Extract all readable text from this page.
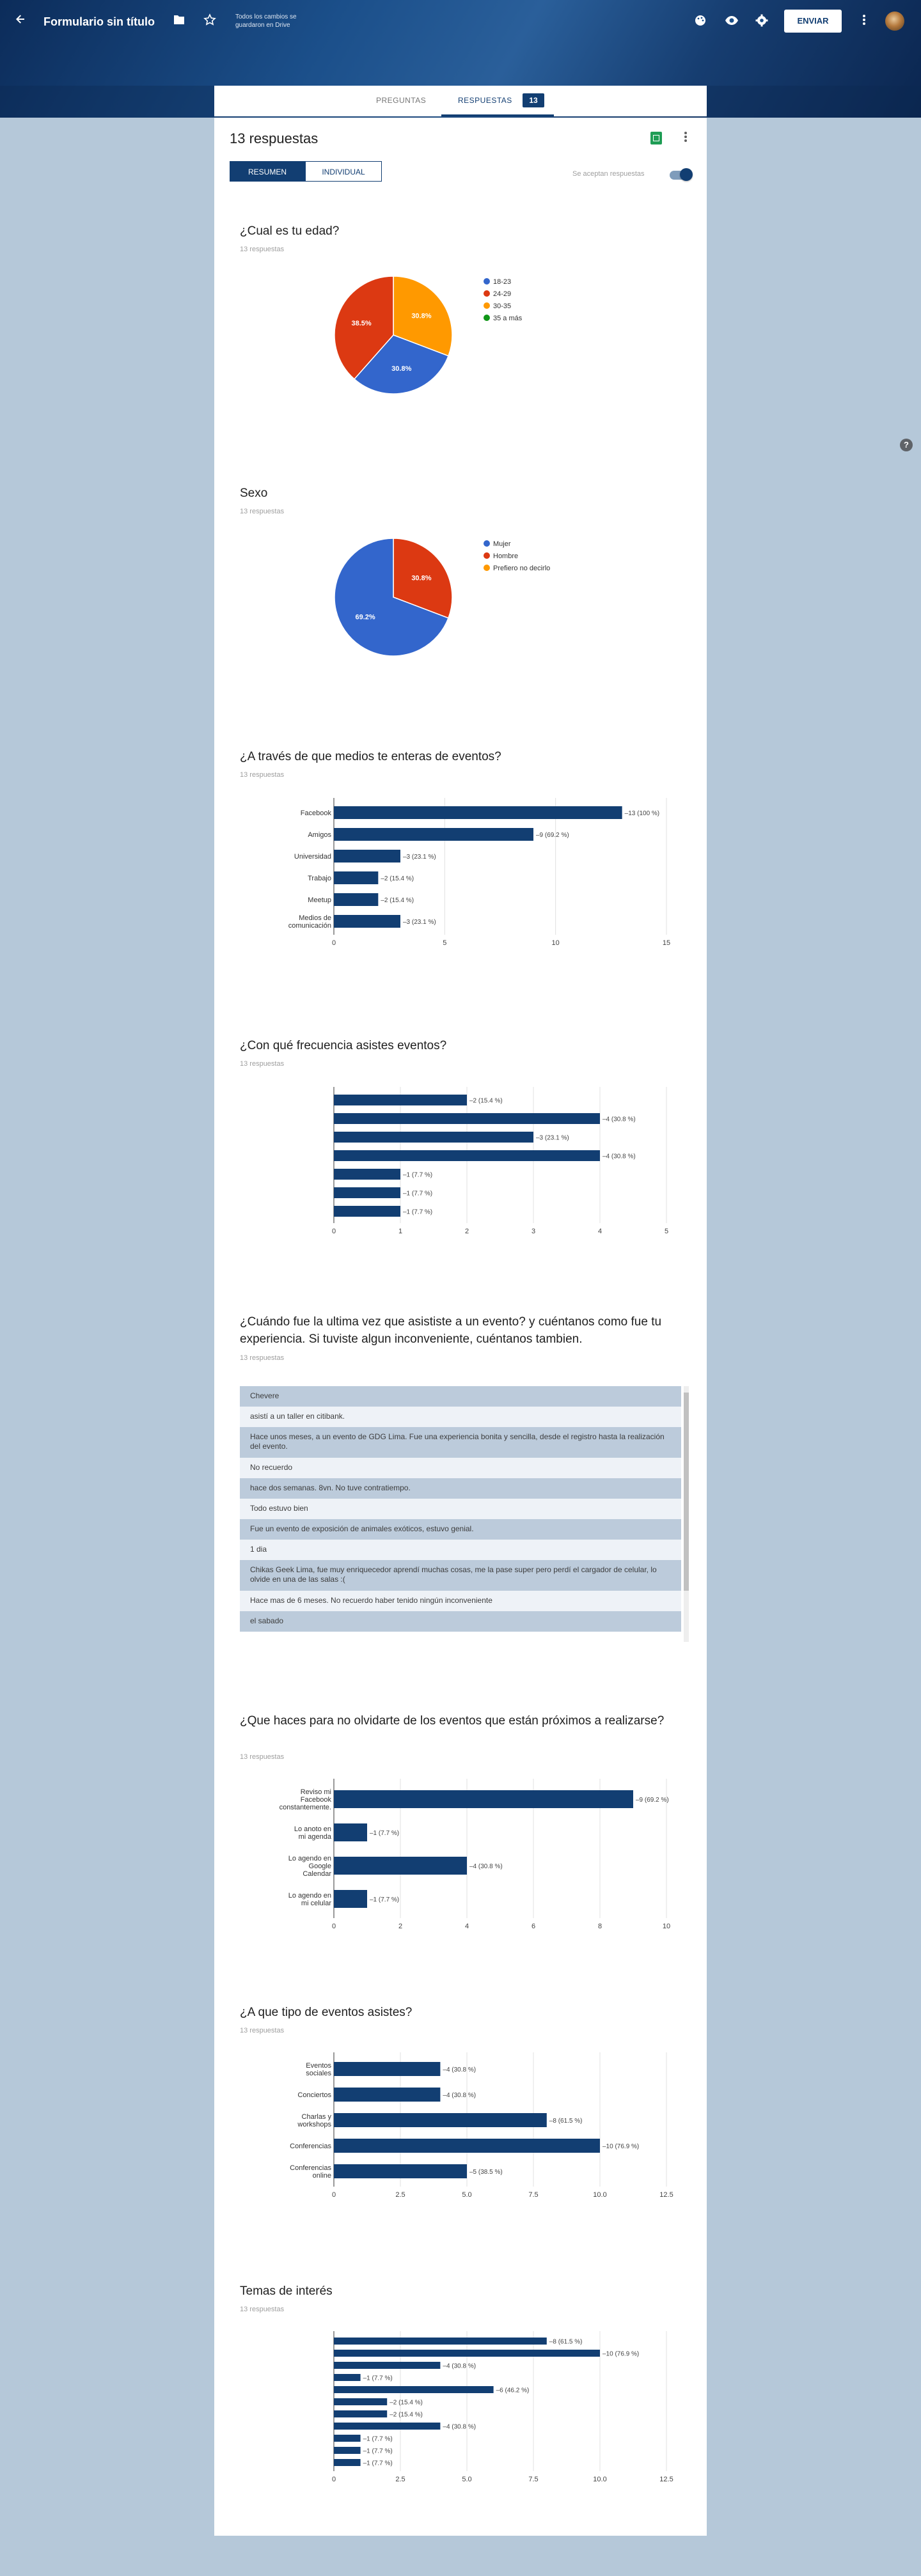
Formulario sin título	Todos los cambios se guardaron en Drive	ENVIAR
PREGUNTAS	RESPUESTAS	13
13 respuestas
RESUMEN	INDIVIDUAL	Se aceptan respuestas
¿Cual es tu edad?
13 respuestas
30.8%
30.8%
38.5%
18-23
24-29
30-35
35 a más
Sexo
13 respuestas
30.8%
69.2%
Mujer
Hombre
Prefiero no decirlo
¿A través de que medios te enteras de eventos?
13 respuestas
0	5	10	15
–13 (100 %)
Facebook
–9 (69.2 %)
Amigos
–3 (23.1 %)
Universidad
–2 (15.4 %)
Trabajo
–2 (15.4 %)
Meetup
–3 (23.1 %)
Medios de
comunicación
¿Con qué frecuencia asistes eventos?
13 respuestas
0	1	2	3	4	5
–2 (15.4 %)
–4 (30.8 %)
–3 (23.1 %)
–4 (30.8 %)
–1 (7.7 %)
–1 (7.7 %)
–1 (7.7 %)
¿Cuándo fue la ultima vez que asististe a un evento? y cuéntanos como fue tu experiencia. Si tuviste algun inconveniente, cuéntanos tambien.
13 respuestas
Chevere
asistí a un taller en citibank.
Hace unos meses, a un evento de GDG Lima. Fue una experiencia bonita y sencilla, desde el registro hasta la realización del evento.
No recuerdo
hace dos semanas. 8vn. No tuve contratiempo.
Todo estuvo bien
Fue un evento de exposición de animales exóticos, estuvo genial.
1 dia
Chikas Geek Lima, fue muy enriquecedor aprendí muchas cosas, me la pase super pero perdí el cargador de celular, lo olvide en una de las salas :(
Hace mas de 6 meses. No recuerdo haber tenido ningún inconveniente
el sabado
¿Que haces para no olvidarte de los eventos que están próximos a realizarse?
13 respuestas
0	2	4	6	8	10
–9 (69.2 %)
Reviso mi
Facebook
constantemente.
–1 (7.7 %)
Lo anoto en
mi agenda
–4 (30.8 %)
Lo agendo en
Google
Calendar
–1 (7.7 %)
Lo agendo en
mi celular
¿A que tipo de eventos asistes?
13 respuestas
0	2.5	5.0	7.5	10.0	12.5
–4 (30.8 %)
Eventos
sociales
–4 (30.8 %)
Conciertos
–8 (61.5 %)
Charlas y
workshops
–10 (76.9 %)
Conferencias
–5 (38.5 %)
Conferencias
online
Temas de interés
13 respuestas
0	2.5	5.0	7.5	10.0	12.5
–8 (61.5 %)
–10 (76.9 %)
–4 (30.8 %)
–1 (7.7 %)
–6 (46.2 %)
–2 (15.4 %)
–2 (15.4 %)
–4 (30.8 %)
–1 (7.7 %)
–1 (7.7 %)
–1 (7.7 %)
?
